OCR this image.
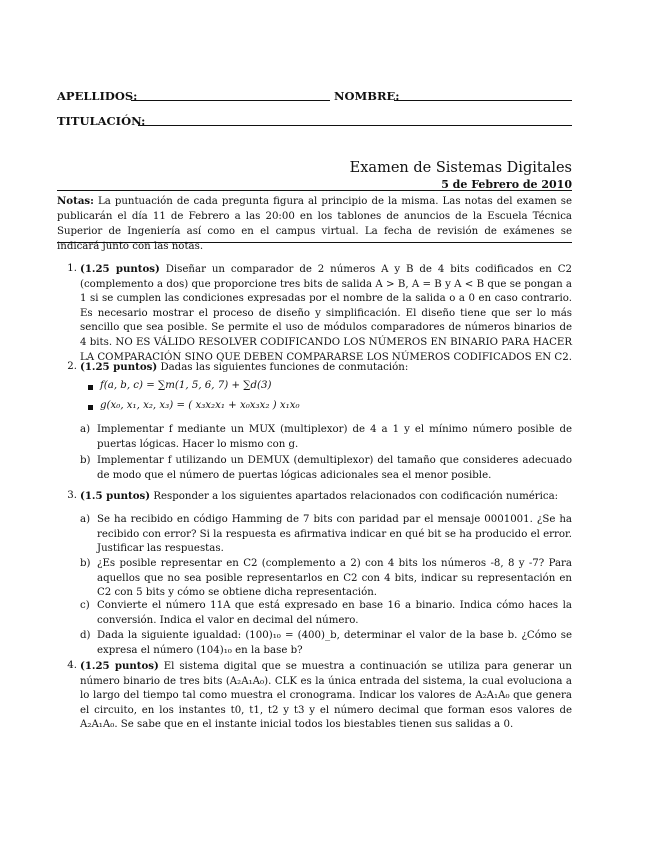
APELLIDOS:	NOMBRE:
TITULACIÓN:
Examen de Sistemas Digitales
5 de Febrero de 2010
Notas: La puntuación de cada pregunta figura al principio de la misma. Las notas del examen se publicarán el día 11 de Febrero a las 20:00 en los tablones de anuncios de la Escuela Técnica Superior de Ingeniería así como en el campus virtual. La fecha de revisión de exámenes se indicará junto con las notas.
1. (1.25 puntos) Diseñar un comparador de 2 números A y B de 4 bits codificados en C2 (complemento a dos) que proporcione tres bits de salida A > B, A = B y A < B que se pongan a 1 si se cumplen las condiciones expresadas por el nombre de la salida o a 0 en caso contrario. Es necesario mostrar el proceso de diseño y simplificación. El diseño tiene que ser lo más sencillo que sea posible. Se permite el uso de módulos comparadores de números binarios de 4 bits. NO ES VÁLIDO RESOLVER CODIFICANDO LOS NÚMEROS EN BINARIO PARA HACER LA COMPARACIÓN SINO QUE DEBEN COMPARARSE LOS NÚMEROS CODIFICADOS EN C2.
2. (1.25 puntos) Dadas las siguientes funciones de conmutación:
f(a, b, c) = ∑m(1, 5, 6, 7) + ∑d(3)
g(x₀, x₁, x₂, x₃) = ( x₃x₂x₁ + x₀x₃x₂ ) x₁x₀
a) Implementar f mediante un MUX (multiplexor) de 4 a 1 y el mínimo número posible de puertas lógicas. Hacer lo mismo con g.
b) Implementar f utilizando un DEMUX (demultiplexor) del tamaño que consideres adecuado de modo que el número de puertas lógicas adicionales sea el menor posible.
3. (1.5 puntos) Responder a los siguientes apartados relacionados con codificación numérica:
a) Se ha recibido en código Hamming de 7 bits con paridad par el mensaje 0001001. ¿Se ha recibido con error? Si la respuesta es afirmativa indicar en qué bit se ha producido el error. Justificar las respuestas.
b) ¿Es posible representar en C2 (complemento a 2) con 4 bits los números -8, 8 y -7? Para aquellos que no sea posible representarlos en C2 con 4 bits, indicar su representación en C2 con 5 bits y cómo se obtiene dicha representación.
c) Convierte el número 11A que está expresado en base 16 a binario. Indica cómo haces la conversión. Indica el valor en decimal del número.
d) Dada la siguiente igualdad: (100)₁₀ = (400)_b, determinar el valor de la base b. ¿Cómo se expresa el número (104)₁₀ en la base b?
4. (1.25 puntos) El sistema digital que se muestra a continuación se utiliza para generar un número binario de tres bits (A₂A₁A₀). CLK es la única entrada del sistema, la cual evoluciona a lo largo del tiempo tal como muestra el cronograma. Indicar los valores de A₂A₁A₀ que genera el circuito, en los instantes t0, t1, t2 y t3 y el número decimal que forman esos valores de A₂A₁A₀. Se sabe que en el instante inicial todos los biestables tienen sus salidas a 0.
